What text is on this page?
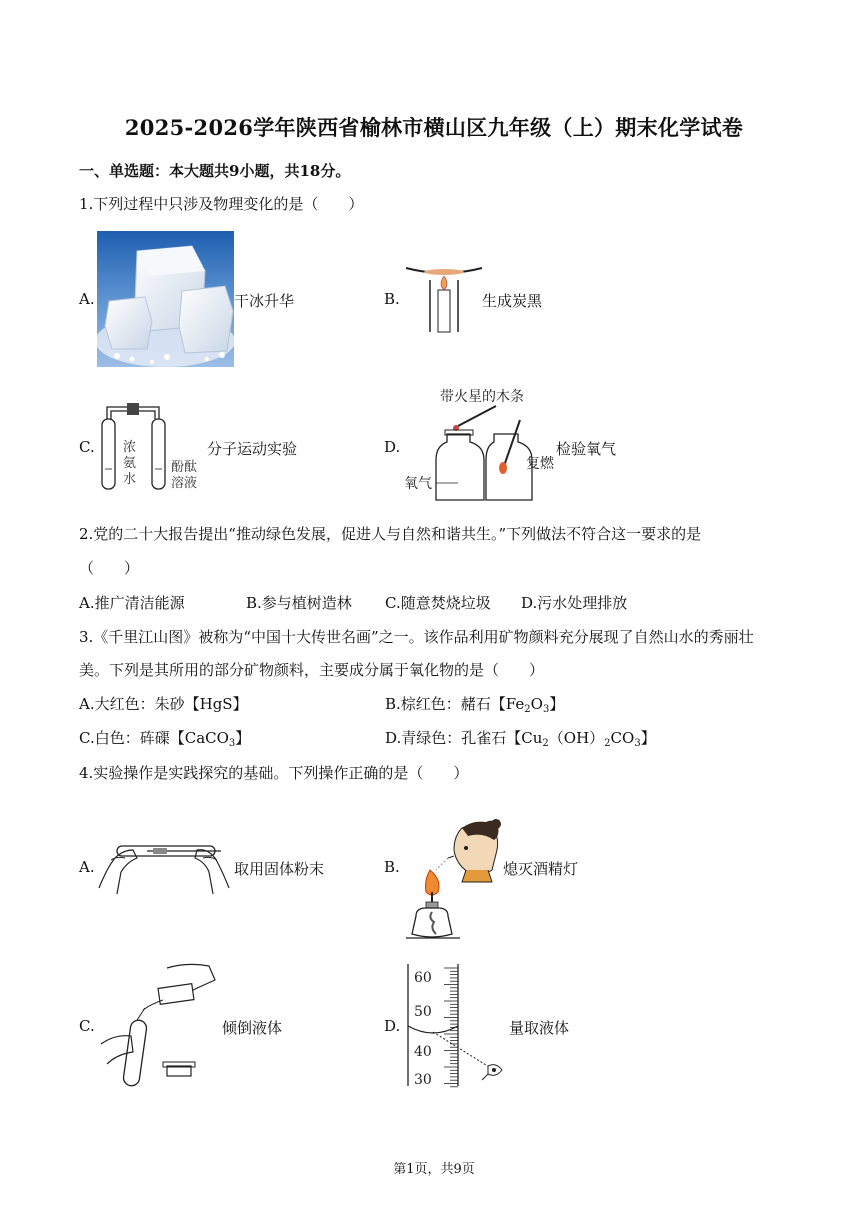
2025-2026学年陕西省榆林市横山区九年级（上）期末化学试卷
一、单选题：本大题共9小题，共18分。
1.下列过程中只涉及物理变化的是（　　）
A.	干冰升华	B.	生成炭黑
C. 浓
氨
水
酚酞
溶液
分子运动实验	D.
带火星的木条
氧气
复燃
检验氧气
2.党的二十大报告提出“推动绿色发展，促进人与自然和谐共生。”下列做法不符合这一要求的是
（　　）
A.推广清洁能源	B.参与植树造林 C.随意焚烧垃圾 D.污水处理排放
3.《千里江山图》被称为“中国十大传世名画”之一。该作品利用矿物颜料充分展现了自然山水的秀丽壮
美。下列是其所用的部分矿物颜料，主要成分属于氧化物的是（　　）
A.大红色：朱砂【HgS】	B.棕红色：赭石【$Fe_2O_3$】
C.白色：砗磲【CaCO$_3$】	D.青绿色：孔雀石【$Cu_2(OH)_2CO_3$】
4.实验操作是实践探究的基础。下列操作正确的是（　　）
A.	取用固体粉末	B.	熄灭酒精灯
C.	倾倒液体	D.
60
50
40
30
量取液体
第1页，共9页
